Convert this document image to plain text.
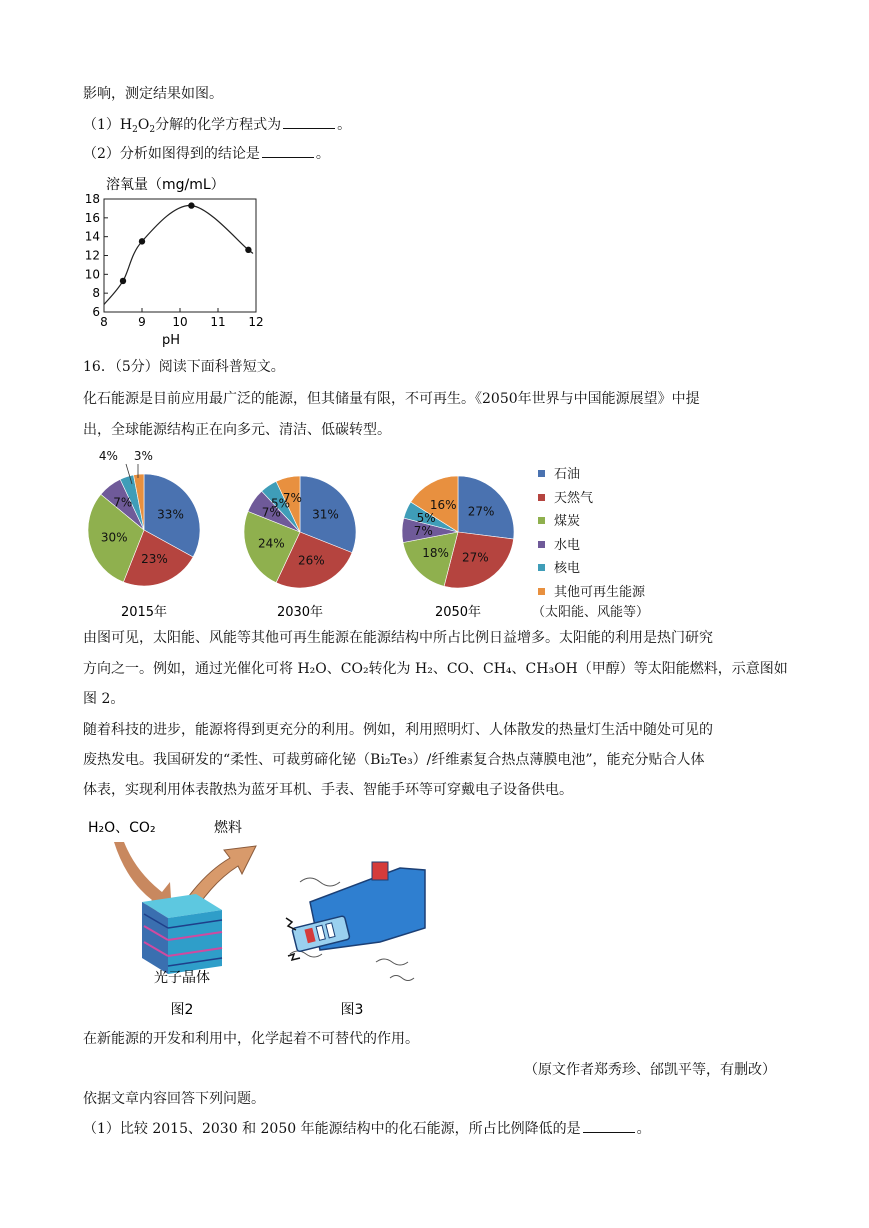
影响，测定结果如图。
$(1)H_2O_2$分解的化学方程式为	。
（2）分析如图得到的结论是	。
溶氧量（mg/mL）
6
8
10
12
14
16
18
8	9 10 11 12
pH
16．（5分）阅读下面科普短文。
化石能源是目前应用最广泛的能源，但其储量有限，不可再生。《2050年世界与中国能源展望》中提
出，全球能源结构正在向多元、清洁、低碳转型。
33%
23%
30%
7%
4% 3%
2015年
31%
26%
24%
7%
5%
7%
2030年
27%
27%
18%
7%
5%
16%
2050年
石油
天然气
煤炭
水电
核电
其他可再生能源
（太阳能、风能等）
由图可见，太阳能、风能等其他可再生能源在能源结构中所占比例日益增多。太阳能的利用是热门研究
方向之一。例如，通过光催化可将 H₂O、CO₂转化为 H₂、CO、CH₄、CH₃OH（甲醇）等太阳能燃料，示意图如
图 2。
随着科技的进步，能源将得到更充分的利用。例如，利用照明灯、人体散发的热量灯生活中随处可见的
废热发电。我国研发的“柔性、可裁剪碲化铋（Bi₂Te₃）/纤维素复合热点薄膜电池”，能充分贴合人体
体表，实现利用体表散热为蓝牙耳机、手表、智能手环等可穿戴电子设备供电。
H₂O、CO₂	燃料
光子晶体
图2	图3
在新能源的开发和利用中，化学起着不可替代的作用。
（原文作者郑秀珍、邰凯平等，有删改）
依据文章内容回答下列问题。
（1）比较 2015、2030 和 2050 年能源结构中的化石能源，所占比例降低的是	。
